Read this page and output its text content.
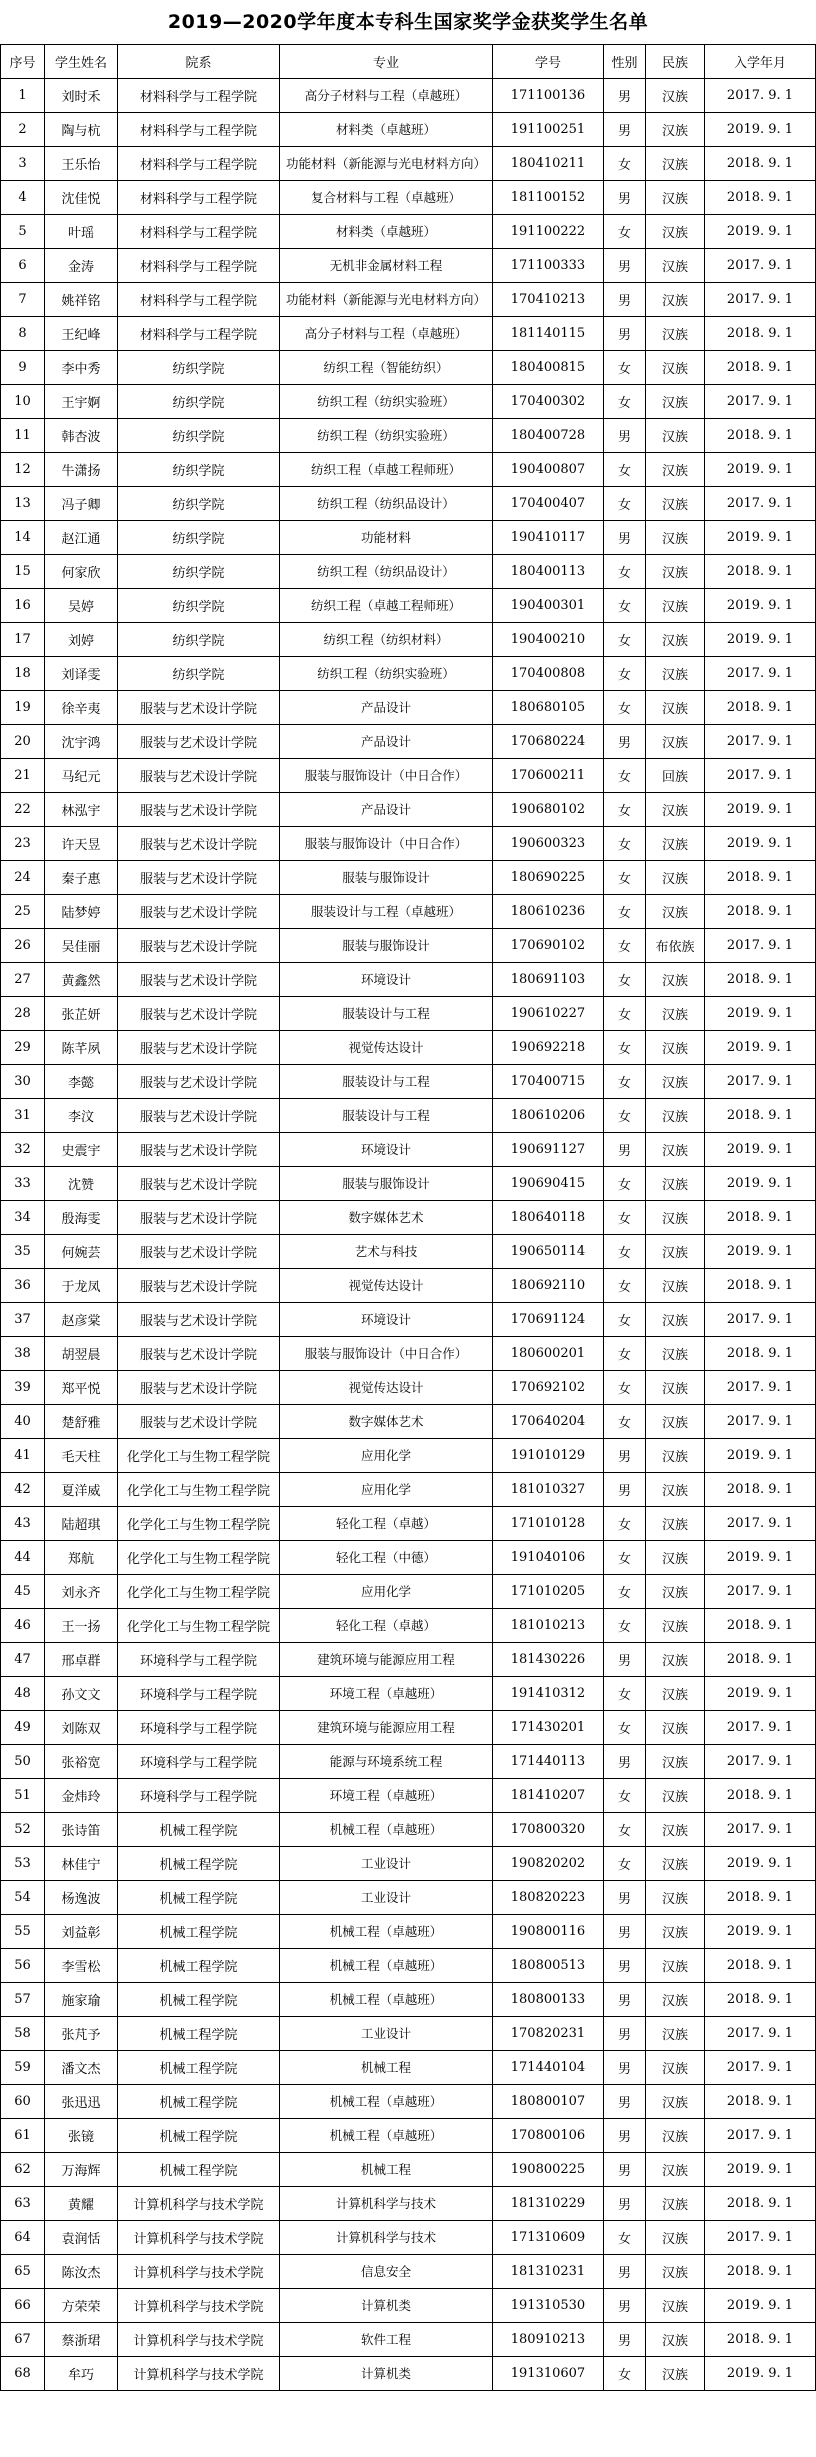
2019—2020学年度本专科生国家奖学金获奖学生名单
序号	学生姓名	院系	专业	学号	性别	民族	入学年月
1	刘时禾	材料科学与工程学院	高分子材料与工程（卓越班）	171100136	男	汉族	2017. 9. 1
2	陶与杭	材料科学与工程学院	材料类（卓越班）	191100251	男	汉族	2019. 9. 1
3	王乐怡	材料科学与工程学院	功能材料（新能源与光电材料方向）	180410211	女	汉族	2018. 9. 1
4	沈佳悦	材料科学与工程学院	复合材料与工程（卓越班）	181100152	男	汉族	2018. 9. 1
5	叶瑶	材料科学与工程学院	材料类（卓越班）	191100222	女	汉族	2019. 9. 1
6	金涛	材料科学与工程学院	无机非金属材料工程	171100333	男	汉族	2017. 9. 1
7	姚祥铭	材料科学与工程学院	功能材料（新能源与光电材料方向）	170410213	男	汉族	2017. 9. 1
8	王纪峰	材料科学与工程学院	高分子材料与工程（卓越班）	181140115	男	汉族	2018. 9. 1
9	李中秀	纺织学院	纺织工程（智能纺织）	180400815	女	汉族	2018. 9. 1
10	王宇婀	纺织学院	纺织工程（纺织实验班）	170400302	女	汉族	2017. 9. 1
11	韩杏波	纺织学院	纺织工程（纺织实验班）	180400728	男	汉族	2018. 9. 1
12	牛潇扬	纺织学院	纺织工程（卓越工程师班）	190400807	女	汉族	2019. 9. 1
13	冯子卿	纺织学院	纺织工程（纺织品设计）	170400407	女	汉族	2017. 9. 1
14	赵江通	纺织学院	功能材料	190410117	男	汉族	2019. 9. 1
15	何家欣	纺织学院	纺织工程（纺织品设计）	180400113	女	汉族	2018. 9. 1
16	吴婷	纺织学院	纺织工程（卓越工程师班）	190400301	女	汉族	2019. 9. 1
17	刘婷	纺织学院	纺织工程（纺织材料）	190400210	女	汉族	2019. 9. 1
18	刘译雯	纺织学院	纺织工程（纺织实验班）	170400808	女	汉族	2017. 9. 1
19	徐辛夷	服装与艺术设计学院	产品设计	180680105	女	汉族	2018. 9. 1
20	沈宇鸿	服装与艺术设计学院	产品设计	170680224	男	汉族	2017. 9. 1
21	马纪元	服装与艺术设计学院	服装与服饰设计（中日合作）	170600211	女	回族	2017. 9. 1
22	林泓宇	服装与艺术设计学院	产品设计	190680102	女	汉族	2019. 9. 1
23	许天昱	服装与艺术设计学院	服装与服饰设计（中日合作）	190600323	女	汉族	2019. 9. 1
24	秦子惠	服装与艺术设计学院	服装与服饰设计	180690225	女	汉族	2018. 9. 1
25	陆梦婷	服装与艺术设计学院	服装设计与工程（卓越班）	180610236	女	汉族	2018. 9. 1
26	吴佳丽	服装与艺术设计学院	服装与服饰设计	170690102	女	布依族	2017. 9. 1
27	黄鑫然	服装与艺术设计学院	环境设计	180691103	女	汉族	2018. 9. 1
28	张芷妍	服装与艺术设计学院	服装设计与工程	190610227	女	汉族	2019. 9. 1
29	陈芊夙	服装与艺术设计学院	视觉传达设计	190692218	女	汉族	2019. 9. 1
30	李懿	服装与艺术设计学院	服装设计与工程	170400715	女	汉族	2017. 9. 1
31	李汶	服装与艺术设计学院	服装设计与工程	180610206	女	汉族	2018. 9. 1
32	史震宇	服装与艺术设计学院	环境设计	190691127	男	汉族	2019. 9. 1
33	沈赞	服装与艺术设计学院	服装与服饰设计	190690415	女	汉族	2019. 9. 1
34	殷海雯	服装与艺术设计学院	数字媒体艺术	180640118	女	汉族	2018. 9. 1
35	何婉芸	服装与艺术设计学院	艺术与科技	190650114	女	汉族	2019. 9. 1
36	于龙凤	服装与艺术设计学院	视觉传达设计	180692110	女	汉族	2018. 9. 1
37	赵彦棠	服装与艺术设计学院	环境设计	170691124	女	汉族	2017. 9. 1
38	胡翌晨	服装与艺术设计学院	服装与服饰设计（中日合作）	180600201	女	汉族	2018. 9. 1
39	郑平悦	服装与艺术设计学院	视觉传达设计	170692102	女	汉族	2017. 9. 1
40	楚舒雅	服装与艺术设计学院	数字媒体艺术	170640204	女	汉族	2017. 9. 1
41	毛天柱	化学化工与生物工程学院	应用化学	191010129	男	汉族	2019. 9. 1
42	夏洋威	化学化工与生物工程学院	应用化学	181010327	男	汉族	2018. 9. 1
43	陆超琪	化学化工与生物工程学院	轻化工程（卓越）	171010128	女	汉族	2017. 9. 1
44	郑航	化学化工与生物工程学院	轻化工程（中德）	191040106	女	汉族	2019. 9. 1
45	刘永齐	化学化工与生物工程学院	应用化学	171010205	女	汉族	2017. 9. 1
46	王一扬	化学化工与生物工程学院	轻化工程（卓越）	181010213	女	汉族	2018. 9. 1
47	邢卓群	环境科学与工程学院	建筑环境与能源应用工程	181430226	男	汉族	2018. 9. 1
48	孙文文	环境科学与工程学院	环境工程（卓越班）	191410312	女	汉族	2019. 9. 1
49	刘陈双	环境科学与工程学院	建筑环境与能源应用工程	171430201	女	汉族	2017. 9. 1
50	张裕宽	环境科学与工程学院	能源与环境系统工程	171440113	男	汉族	2017. 9. 1
51	金炜玲	环境科学与工程学院	环境工程（卓越班）	181410207	女	汉族	2018. 9. 1
52	张诗笛	机械工程学院	机械工程（卓越班）	170800320	女	汉族	2017. 9. 1
53	林佳宁	机械工程学院	工业设计	190820202	女	汉族	2019. 9. 1
54	杨逸波	机械工程学院	工业设计	180820223	男	汉族	2018. 9. 1
55	刘益彰	机械工程学院	机械工程（卓越班）	190800116	男	汉族	2019. 9. 1
56	李雪松	机械工程学院	机械工程（卓越班）	180800513	男	汉族	2018. 9. 1
57	施家瑜	机械工程学院	机械工程（卓越班）	180800133	男	汉族	2018. 9. 1
58	张芃予	机械工程学院	工业设计	170820231	男	汉族	2017. 9. 1
59	潘文杰	机械工程学院	机械工程	171440104	男	汉族	2017. 9. 1
60	张迅迅	机械工程学院	机械工程（卓越班）	180800107	男	汉族	2018. 9. 1
61	张镜	机械工程学院	机械工程（卓越班）	170800106	男	汉族	2017. 9. 1
62	万海辉	机械工程学院	机械工程	190800225	男	汉族	2019. 9. 1
63	黄耀	计算机科学与技术学院	计算机科学与技术	181310229	男	汉族	2018. 9. 1
64	袁润恬	计算机科学与技术学院	计算机科学与技术	171310609	女	汉族	2017. 9. 1
65	陈汝杰	计算机科学与技术学院	信息安全	181310231	男	汉族	2018. 9. 1
66	方荣荣	计算机科学与技术学院	计算机类	191310530	男	汉族	2019. 9. 1
67	蔡浙珺	计算机科学与技术学院	软件工程	180910213	男	汉族	2018. 9. 1
68	牟巧	计算机科学与技术学院	计算机类	191310607	女	汉族	2019. 9. 1
